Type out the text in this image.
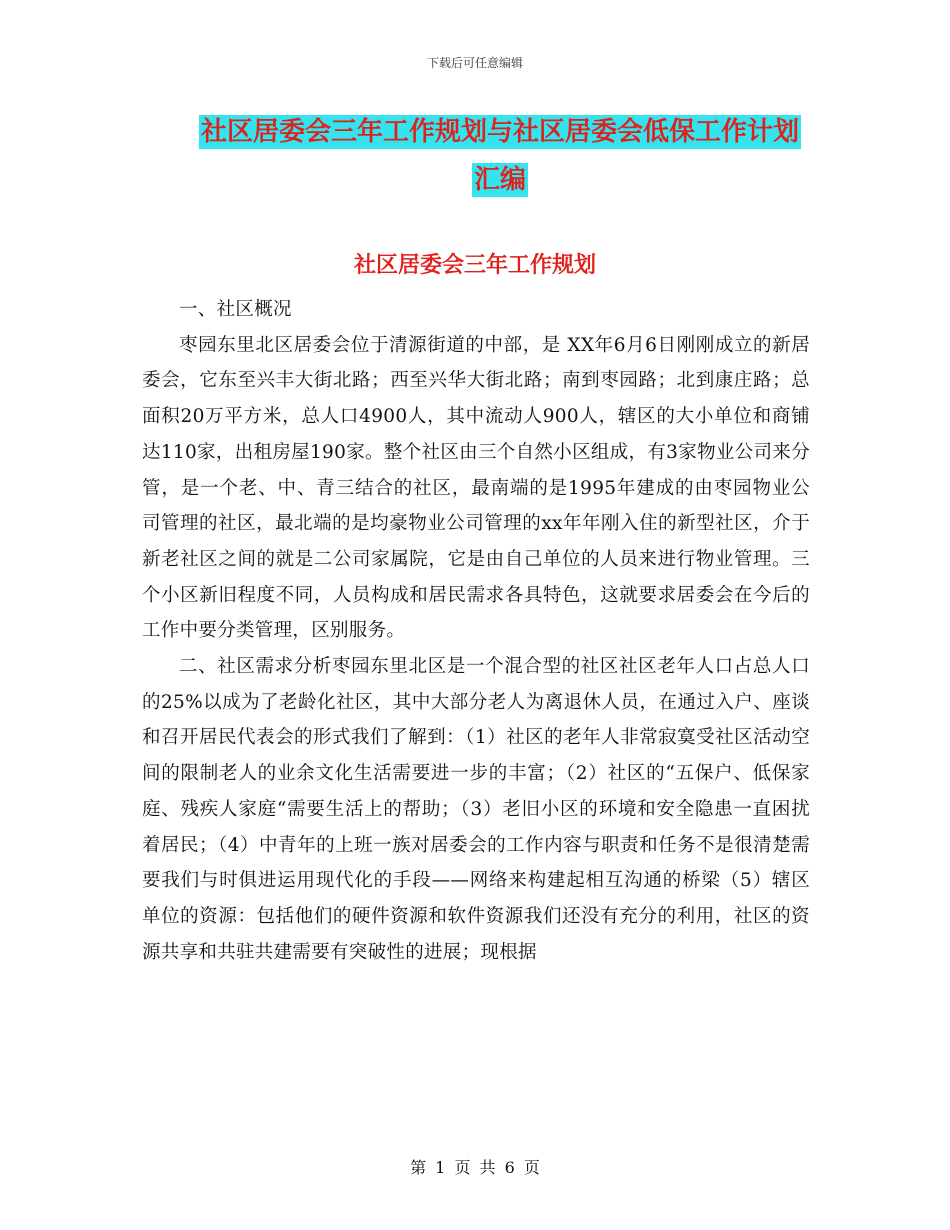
下载后可任意编辑
社区居委会三年工作规划与社区居委会低保工作计划
汇编
社区居委会三年工作规划

一、社区概况

枣园东里北区居委会位于清源街道的中部，是 XX年6月6日刚刚成立的新居委会，它东至兴丰大街北路；西至兴华大街北路；南到枣园路；北到康庄路；总面积20万平方米，总人口4900人，其中流动人900人，辖区的大小单位和商铺达110家，出租房屋190家。整个社区由三个自然小区组成，有3家物业公司来分管，是一个老、中、青三结合的社区，最南端的是1995年建成的由枣园物业公司管理的社区，最北端的是均豪物业公司管理的xx年年刚入住的新型社区，介于新老社区之间的就是二公司家属院，它是由自己单位的人员来进行物业管理。三个小区新旧程度不同，人员构成和居民需求各具特色，这就要求居委会在今后的工作中要分类管理，区别服务。

二、社区需求分析枣园东里北区是一个混合型的社区社区老年人口占总人口的25%以成为了老龄化社区，其中大部分老人为离退休人员，在通过入户、座谈和召开居民代表会的形式我们了解到：（1）社区的老年人非常寂寞受社区活动空间的限制老人的业余文化生活需要进一步的丰富；（2）社区的“五保户、低保家庭、残疾人家庭“需要生活上的帮助；（3）老旧小区的环境和安全隐患一直困扰着居民；（4）中青年的上班一族对居委会的工作内容与职责和任务不是很清楚需要我们与时俱进运用现代化的手段——网络来构建起相互沟通的桥梁（5）辖区单位的资源：包括他们的硬件资源和软件资源我们还没有充分的利用，社区的资源共享和共驻共建需要有突破性的进展；现根据

第 1 页 共 6 页
